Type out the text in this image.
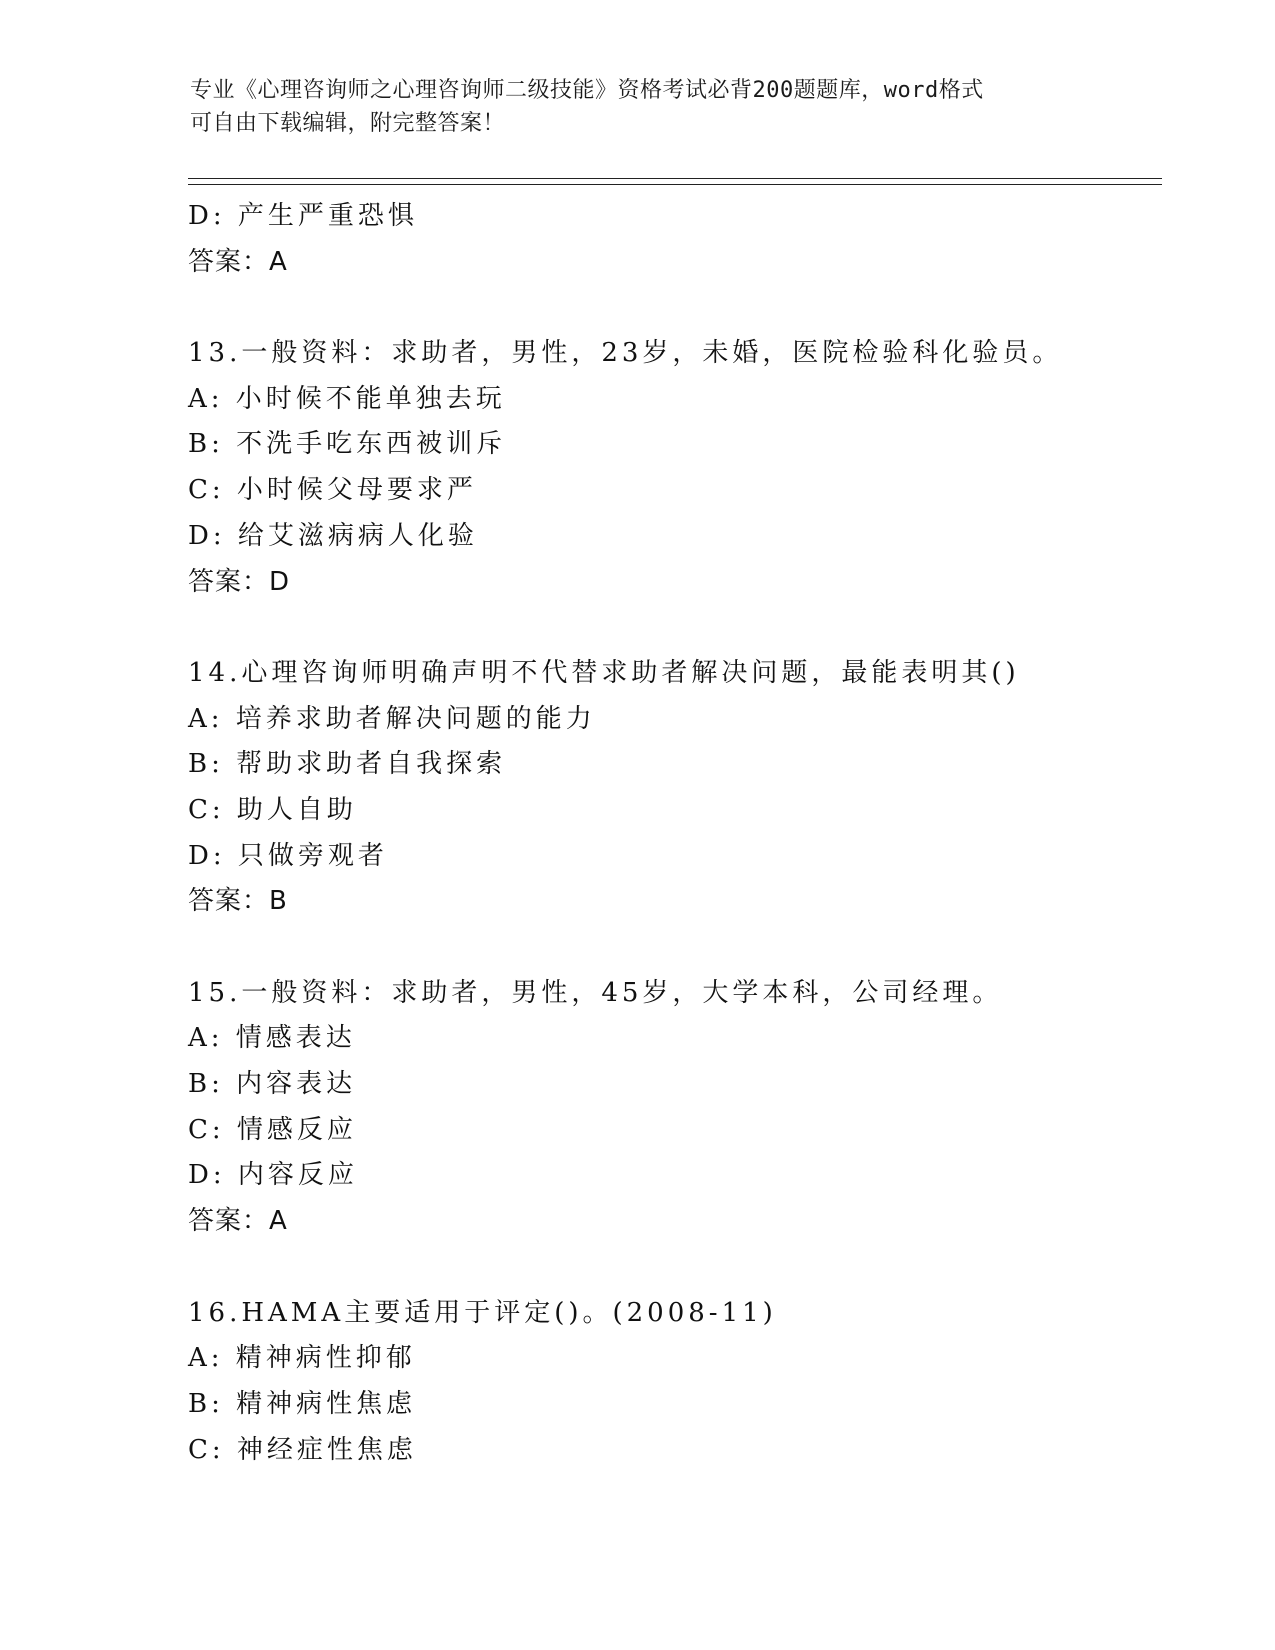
专业《心理咨询师之心理咨询师二级技能》资格考试必背200题题库，word格式
可自由下载编辑，附完整答案！
D: 产生严重恐惧
答案：A
13.一般资料：求助者，男性，23岁，未婚，医院检验科化验员。
A: 小时候不能单独去玩
B: 不洗手吃东西被训斥
C: 小时候父母要求严
D: 给艾滋病病人化验
答案：D
14.心理咨询师明确声明不代替求助者解决问题，最能表明其()
A: 培养求助者解决问题的能力
B: 帮助求助者自我探索
C: 助人自助
D: 只做旁观者
答案：B
15.一般资料：求助者，男性，45岁，大学本科，公司经理。
A: 情感表达
B: 内容表达
C: 情感反应
D: 内容反应
答案：A
16.HAMA主要适用于评定()。(2008-11)
A: 精神病性抑郁
B: 精神病性焦虑
C: 神经症性焦虑
